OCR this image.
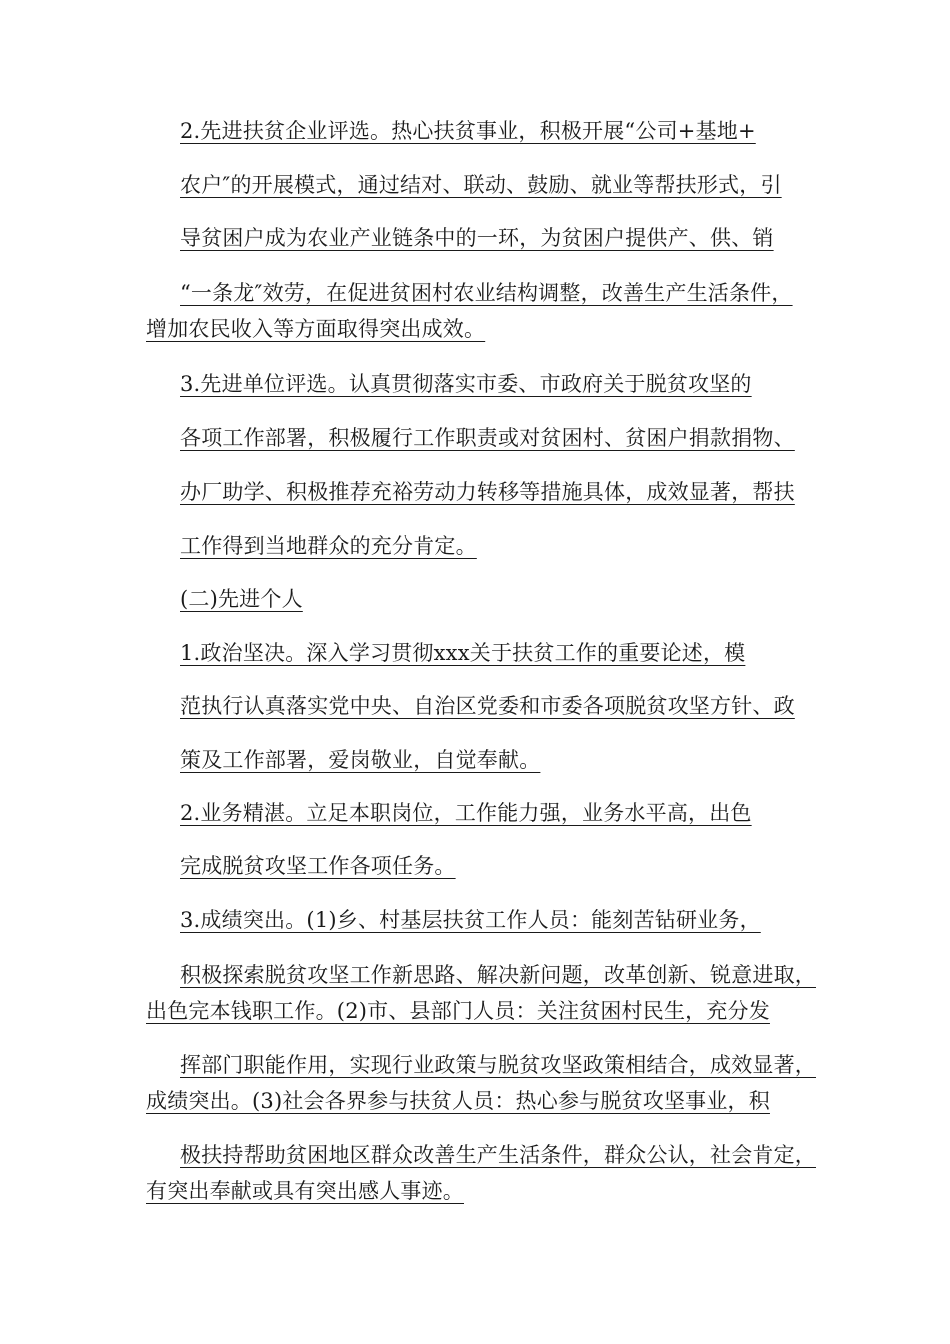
2.先进扶贫企业评选。热心扶贫事业，积极开展“公司+基地+
农户″的开展模式，通过结对、联动、鼓励、就业等帮扶形式，引
导贫困户成为农业产业链条中的一环，为贫困户提供产、供、销
“一条龙″效劳，在促进贫困村农业结构调整，改善生产生活条件，
增加农民收入等方面取得突出成效。
3.先进单位评选。认真贯彻落实市委、市政府关于脱贫攻坚的
各项工作部署，积极履行工作职责或对贫困村、贫困户捐款捐物、
办厂助学、积极推荐充裕劳动力转移等措施具体，成效显著，帮扶
工作得到当地群众的充分肯定。
(二)先进个人
1.政治坚决。深入学习贯彻xxx关于扶贫工作的重要论述，模
范执行认真落实党中央、自治区党委和市委各项脱贫攻坚方针、政
策及工作部署，爱岗敬业，自觉奉献。
2.业务精湛。立足本职岗位，工作能力强，业务水平高，出色
完成脱贫攻坚工作各项任务。
3.成绩突出。(1)乡、村基层扶贫工作人员：能刻苦钻研业务，
积极探索脱贫攻坚工作新思路、解决新问题，改革创新、锐意进取，
出色完本钱职工作。(2)市、县部门人员：关注贫困村民生，充分发
挥部门职能作用，实现行业政策与脱贫攻坚政策相结合，成效显著，
成绩突出。(3)社会各界参与扶贫人员：热心参与脱贫攻坚事业，积
极扶持帮助贫困地区群众改善生产生活条件，群众公认，社会肯定，
有突出奉献或具有突出感人事迹。
